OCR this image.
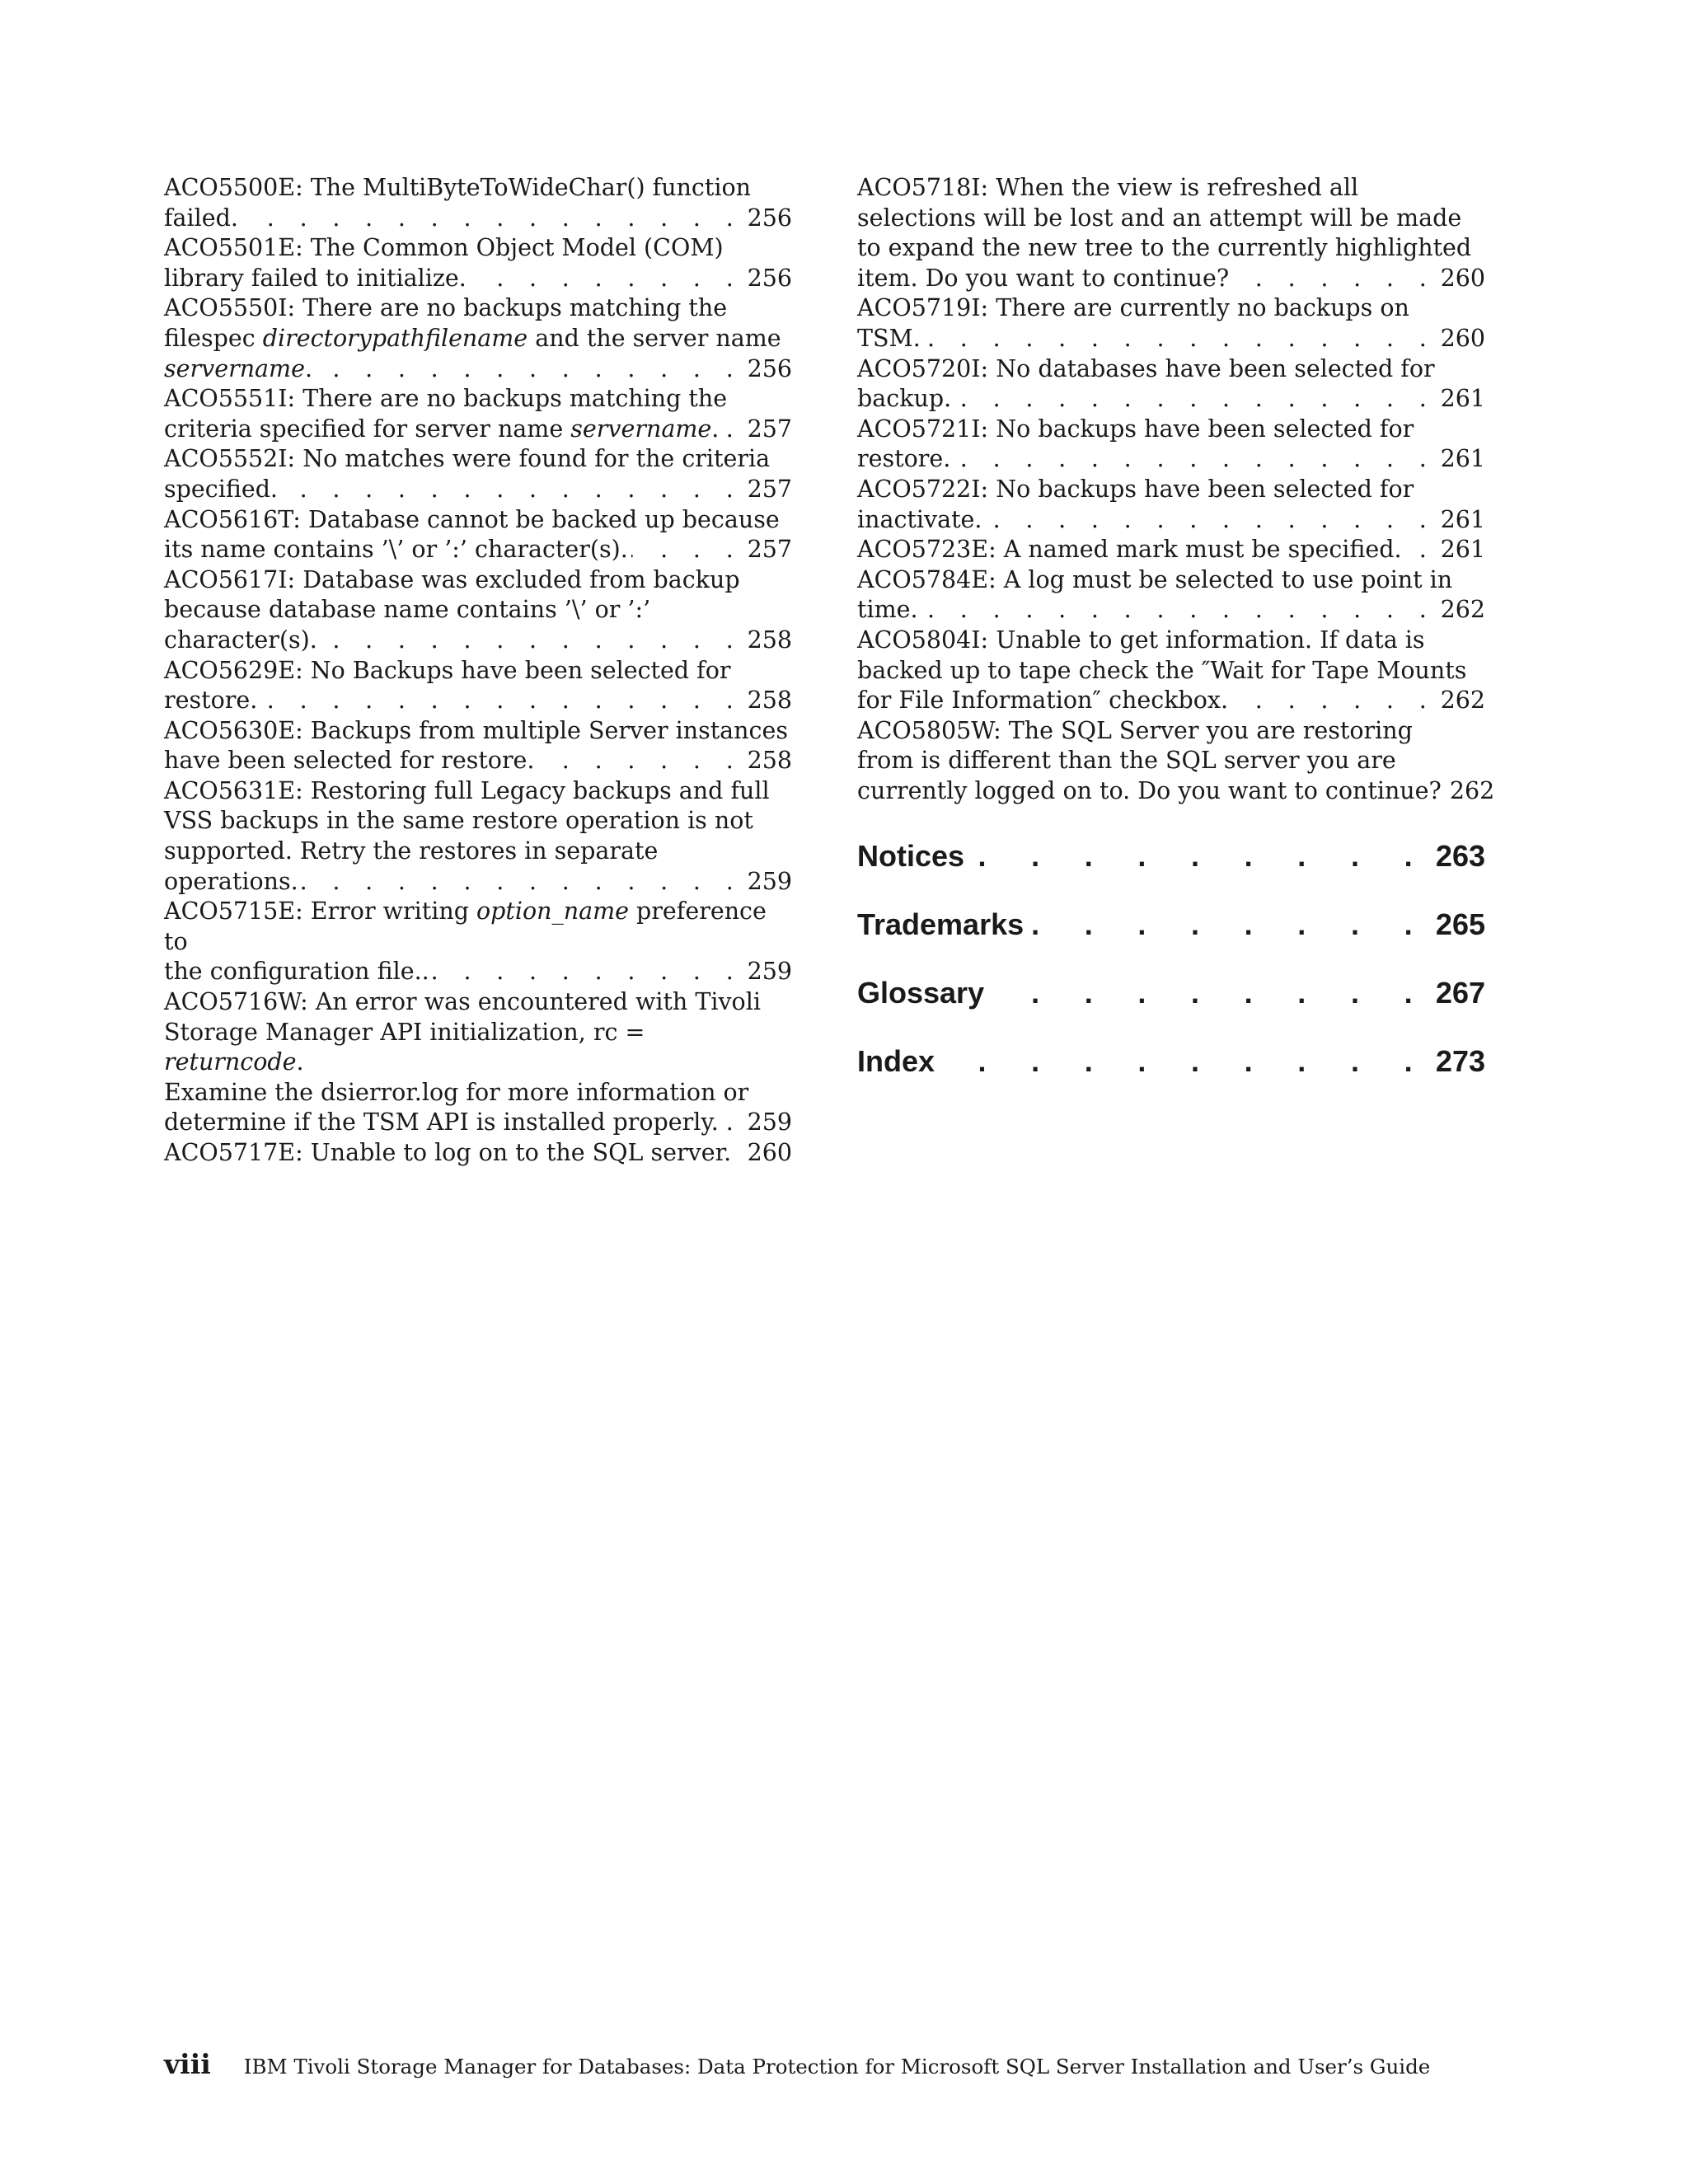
ACO5500E: The MultiByteToWideChar() function
failed. . . .	256
ACO5501E: The Common Object Model (COM)
library failed to initialize. . . .	256
ACO5550I: There are no backups matching the
filespec directorypathfilename and the server name
servername. . . .	256
ACO5551I: There are no backups matching the
criteria specified for server name servername. . . . 257
ACO5552I: No matches were found for the criteria
specified. . . .	257
ACO5616T: Database cannot be backed up because
its name contains ’\’ or ’:’ character(s). . . .	257
ACO5617I: Database was excluded from backup
because database name contains ’\’ or ’:’
character(s). . . .	258
ACO5629E: No Backups have been selected for
restore. . . .	258
ACO5630E: Backups from multiple Server instances
have been selected for restore. . . .	258
ACO5631E: Restoring full Legacy backups and full
VSS backups in the same restore operation is not
supported. Retry the restores in separate
operations. . . .	259
ACO5715E: Error writing option_name preference to
the configuration file.. . . .	259
ACO5716W: An error was encountered with Tivoli
Storage Manager API initialization, rc = returncode.
Examine the dsierror.log for more information or
determine if the TSM API is installed properly. . . . 259
ACO5717E: Unable to log on to the SQL server. 260
ACO5718I: When the view is refreshed all
selections will be lost and an attempt will be made
to expand the new tree to the currently highlighted
item. Do you want to continue? . . .	260
ACO5719I: There are currently no backups on
TSM. . . .	260
ACO5720I: No databases have been selected for
backup. . . .	261
ACO5721I: No backups have been selected for
restore. . . .	261
ACO5722I: No backups have been selected for
inactivate. . . .	261
ACO5723E: A named mark must be specified. . . . 261
ACO5784E: A log must be selected to use point in
time. . . .	262
ACO5804I: Unable to get information. If data is
backed up to tape check the ″Wait for Tape Mounts
for File Information″ checkbox. . . .	262
ACO5805W: The SQL Server you are restoring
from is different than the SQL server you are
currently logged on to. Do you want to continue? 262
Notices . . .	263
Trademarks . . .	265
Glossary . . .	267
Index . . .	273
viii IBM Tivoli Storage Manager for Databases: Data Protection for Microsoft SQL Server Installation and User’s Guide
